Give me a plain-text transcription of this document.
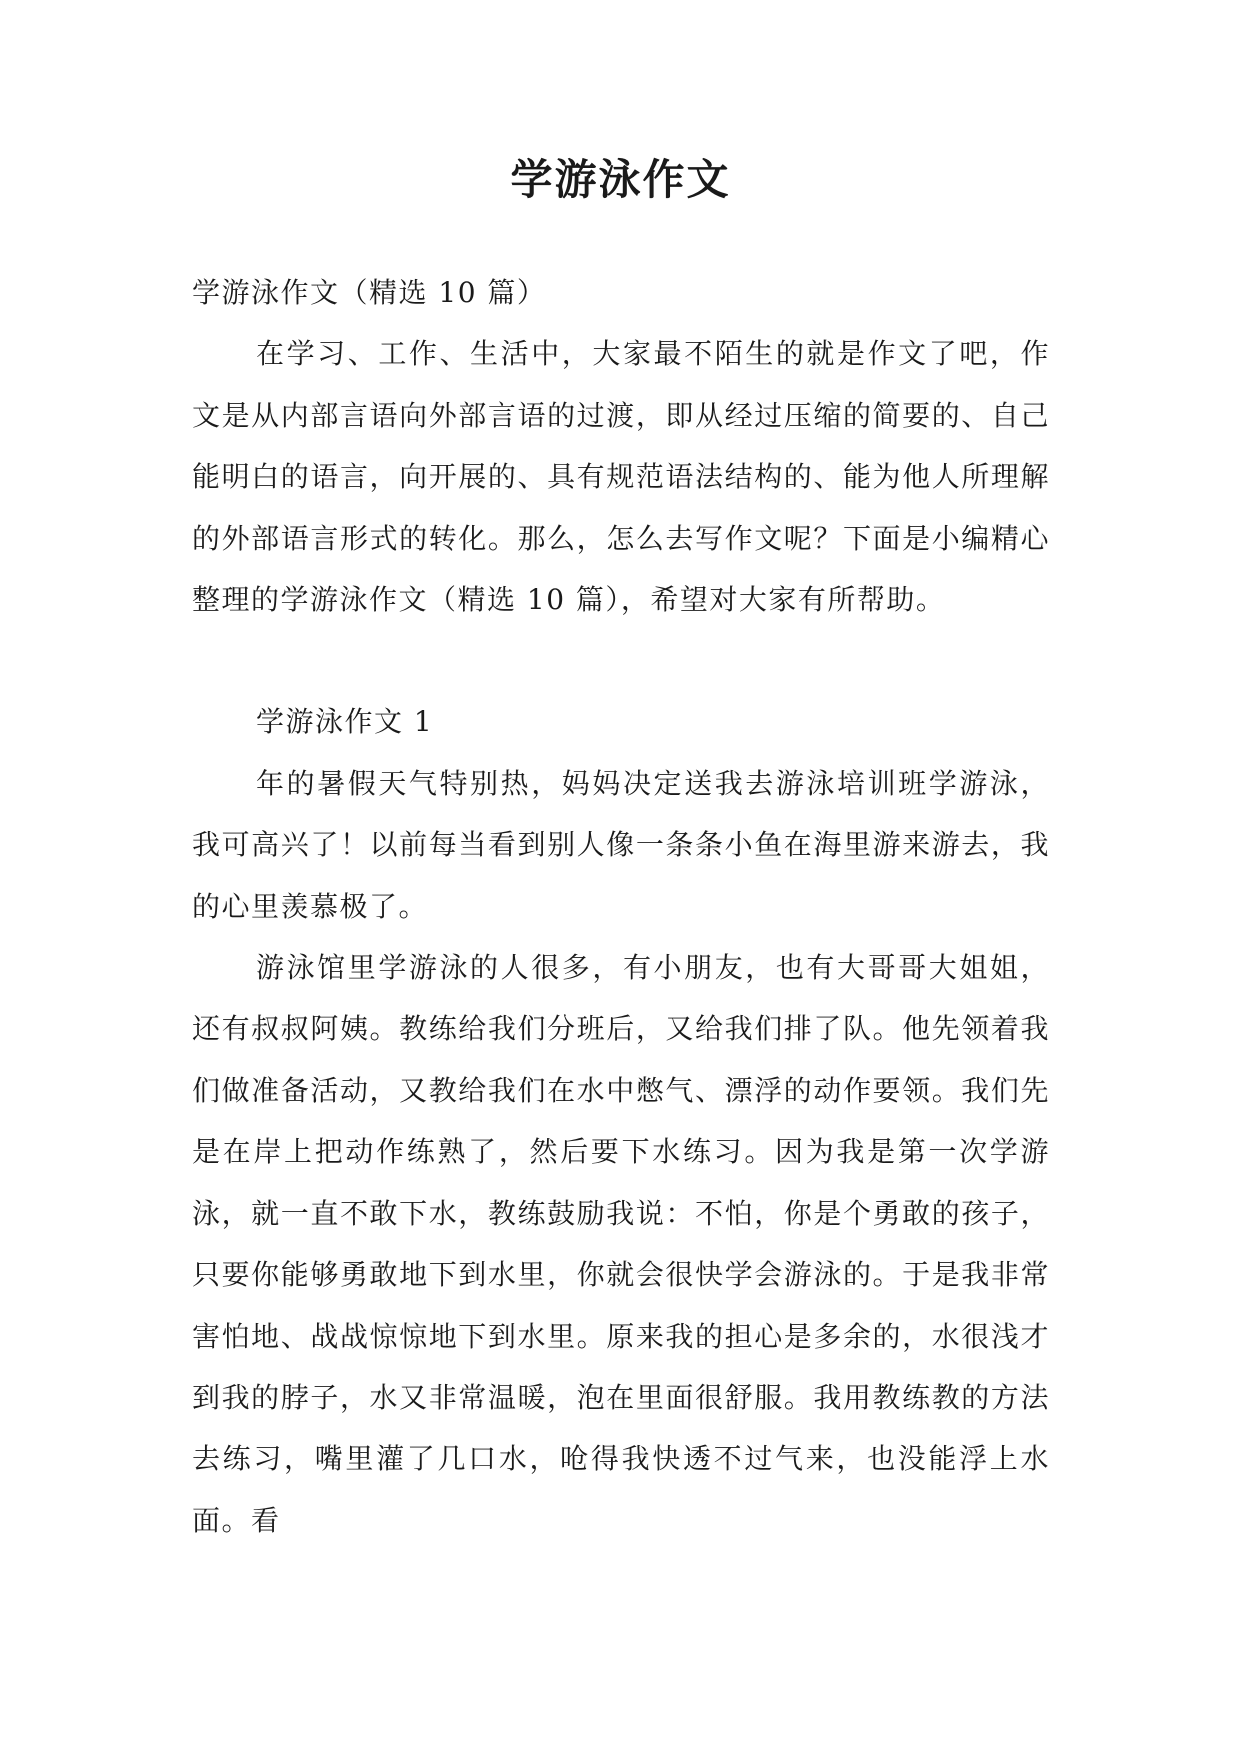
学游泳作文

学游泳作文（精选 10 篇）

在学习、工作、生活中，大家最不陌生的就是作文了吧，作文是从内部言语向外部言语的过渡，即从经过压缩的简要的、自己能明白的语言，向开展的、具有规范语法结构的、能为他人所理解的外部语言形式的转化。那么，怎么去写作文呢？下面是小编精心整理的学游泳作文（精选 10 篇），希望对大家有所帮助。

学游泳作文 1

年的暑假天气特别热，妈妈决定送我去游泳培训班学游泳，我可高兴了！以前每当看到别人像一条条小鱼在海里游来游去，我的心里羡慕极了。

游泳馆里学游泳的人很多，有小朋友，也有大哥哥大姐姐，还有叔叔阿姨。教练给我们分班后，又给我们排了队。他先领着我们做准备活动，又教给我们在水中憋气、漂浮的动作要领。我们先是在岸上把动作练熟了，然后要下水练习。因为我是第一次学游泳，就一直不敢下水，教练鼓励我说：不怕，你是个勇敢的孩子，只要你能够勇敢地下到水里，你就会很快学会游泳的。于是我非常害怕地、战战惊惊地下到水里。原来我的担心是多余的，水很浅才到我的脖子，水又非常温暖，泡在里面很舒服。我用教练教的方法去练习，嘴里灌了几口水，呛得我快透不过气来，也没能浮上水面。看
